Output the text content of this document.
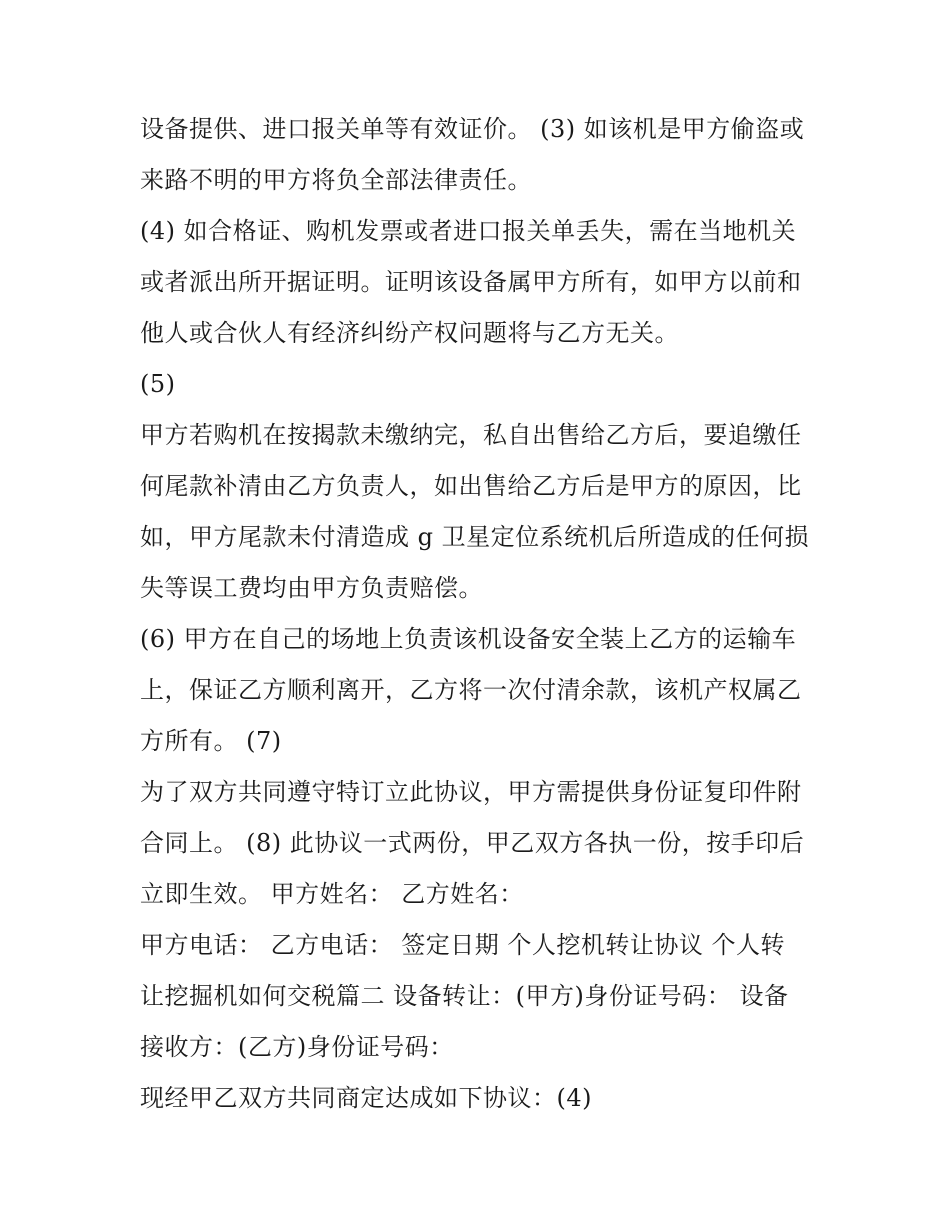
设备提供、进口报关单等有效证价。 (3) 如该机是甲方偷盗或
来路不明的甲方将负全部法律责任。
(4) 如合格证、购机发票或者进口报关单丢失，需在当地机关
或者派出所开据证明。证明该设备属甲方所有，如甲方以前和
他人或合伙人有经济纠纷产权问题将与乙方无关。
(5)
甲方若购机在按揭款未缴纳完，私自出售给乙方后，要追缴任
何尾款补清由乙方负责人，如出售给乙方后是甲方的原因，比
如，甲方尾款未付清造成 g 卫星定位系统机后所造成的任何损
失等误工费均由甲方负责赔偿。
(6) 甲方在自己的场地上负责该机设备安全装上乙方的运输车
上，保证乙方顺利离开，乙方将一次付清余款，该机产权属乙
方所有。 (7)
为了双方共同遵守特订立此协议，甲方需提供身份证复印件附
合同上。 (8) 此协议一式两份，甲乙双方各执一份，按手印后
立即生效。 甲方姓名： 乙方姓名：
甲方电话： 乙方电话： 签定日期 个人挖机转让协议 个人转
让挖掘机如何交税篇二 设备转让：(甲方)身份证号码： 设备
接收方：(乙方)身份证号码：
现经甲乙双方共同商定达成如下协议：(4)
